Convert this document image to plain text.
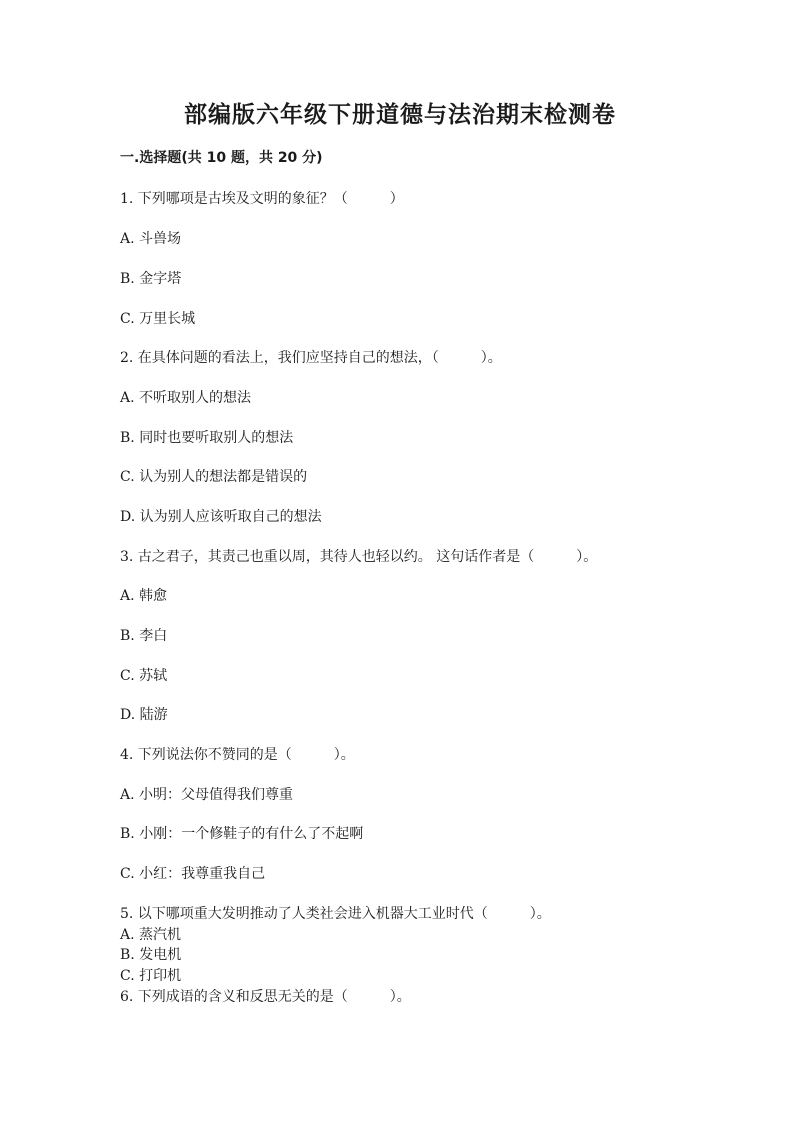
部编版六年级下册道德与法治期末检测卷
一.选择题(共 10 题，共 20 分)
1. 下列哪项是古埃及文明的象征？（　　　）
A. 斗兽场
B. 金字塔
C. 万里长城
2. 在具体问题的看法上，我们应坚持自己的想法，（　　　）。
A. 不听取别人的想法
B. 同时也要听取别人的想法
C. 认为别人的想法都是错误的
D. 认为别人应该听取自己的想法
3. 古之君子，其责己也重以周，其待人也轻以约。 这句话作者是（　　　）。
A. 韩愈
B. 李白
C. 苏轼
D. 陆游
4. 下列说法你不赞同的是（　　　）。
A. 小明：父母值得我们尊重
B. 小刚：一个修鞋子的有什么了不起啊
C. 小红：我尊重我自己
5. 以下哪项重大发明推动了人类社会进入机器大工业时代（　　　）。
A. 蒸汽机
B. 发电机
C. 打印机
6. 下列成语的含义和反思无关的是（　　　）。
